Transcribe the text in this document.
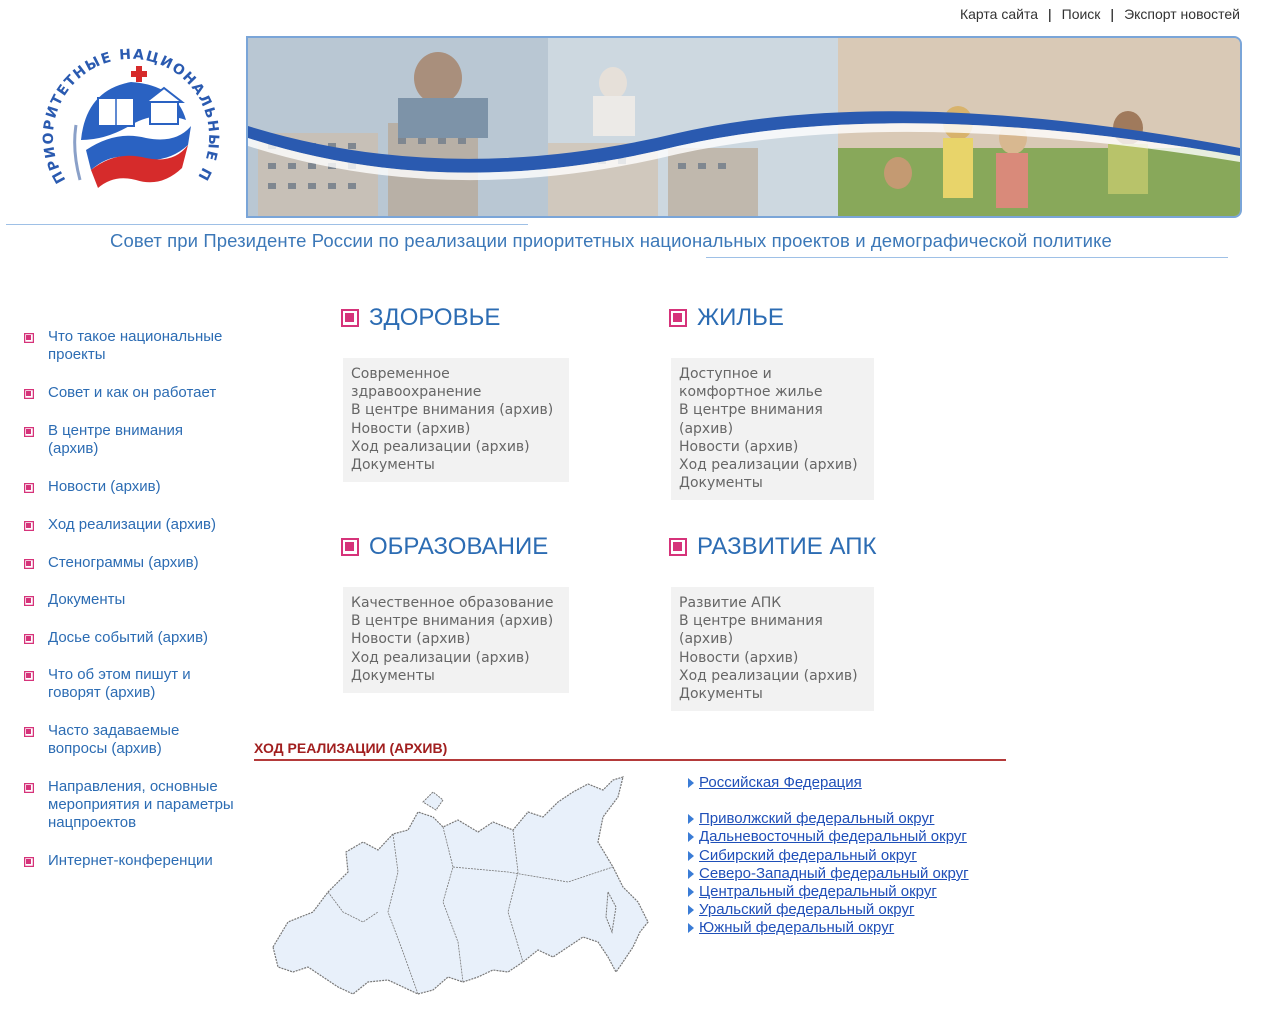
Карта сайта | Поиск | Экспорт новостей
ПРИОРИТЕТНЫЕ НАЦИОНАЛЬНЫЕ П
Совет при Президенте России по реализации приоритетных национальных проектов и демографической политике
Что такое национальные проекты
Совет и как он работает
В центре внимания (архив)
Новости (архив)
Ход реализации (архив)
Стенограммы (архив)
Документы
Досье событий (архив)
Что об этом пишут и говорят (архив)
Часто задаваемые вопросы (архив)
Направления, основные мероприятия и параметры нацпроектов
Интернет-конференции
ЗДОРОВЬЕ
Современное здравоохранение
В центре внимания (архив)
Новости (архив)
Ход реализации (архив)
Документы
ЖИЛЬЕ
Доступное и комфортное жилье
В центре внимания (архив)
Новости (архив)
Ход реализации (архив)
Документы
ОБРАЗОВАНИЕ
Качественное образование
В центре внимания (архив)
Новости (архив)
Ход реализации (архив)
Документы
РАЗВИТИЕ АПК
Развитие АПК
В центре внимания (архив)
Новости (архив)
Ход реализации (архив)
Документы
ХОД РЕАЛИЗАЦИИ (АРХИВ)
Российская Федерация
Приволжский федеральный округ
Дальневосточный федеральный округ
Сибирский федеральный округ
Северо-Западный федеральный округ
Центральный федеральный округ
Уральский федеральный округ
Южный федеральный округ
